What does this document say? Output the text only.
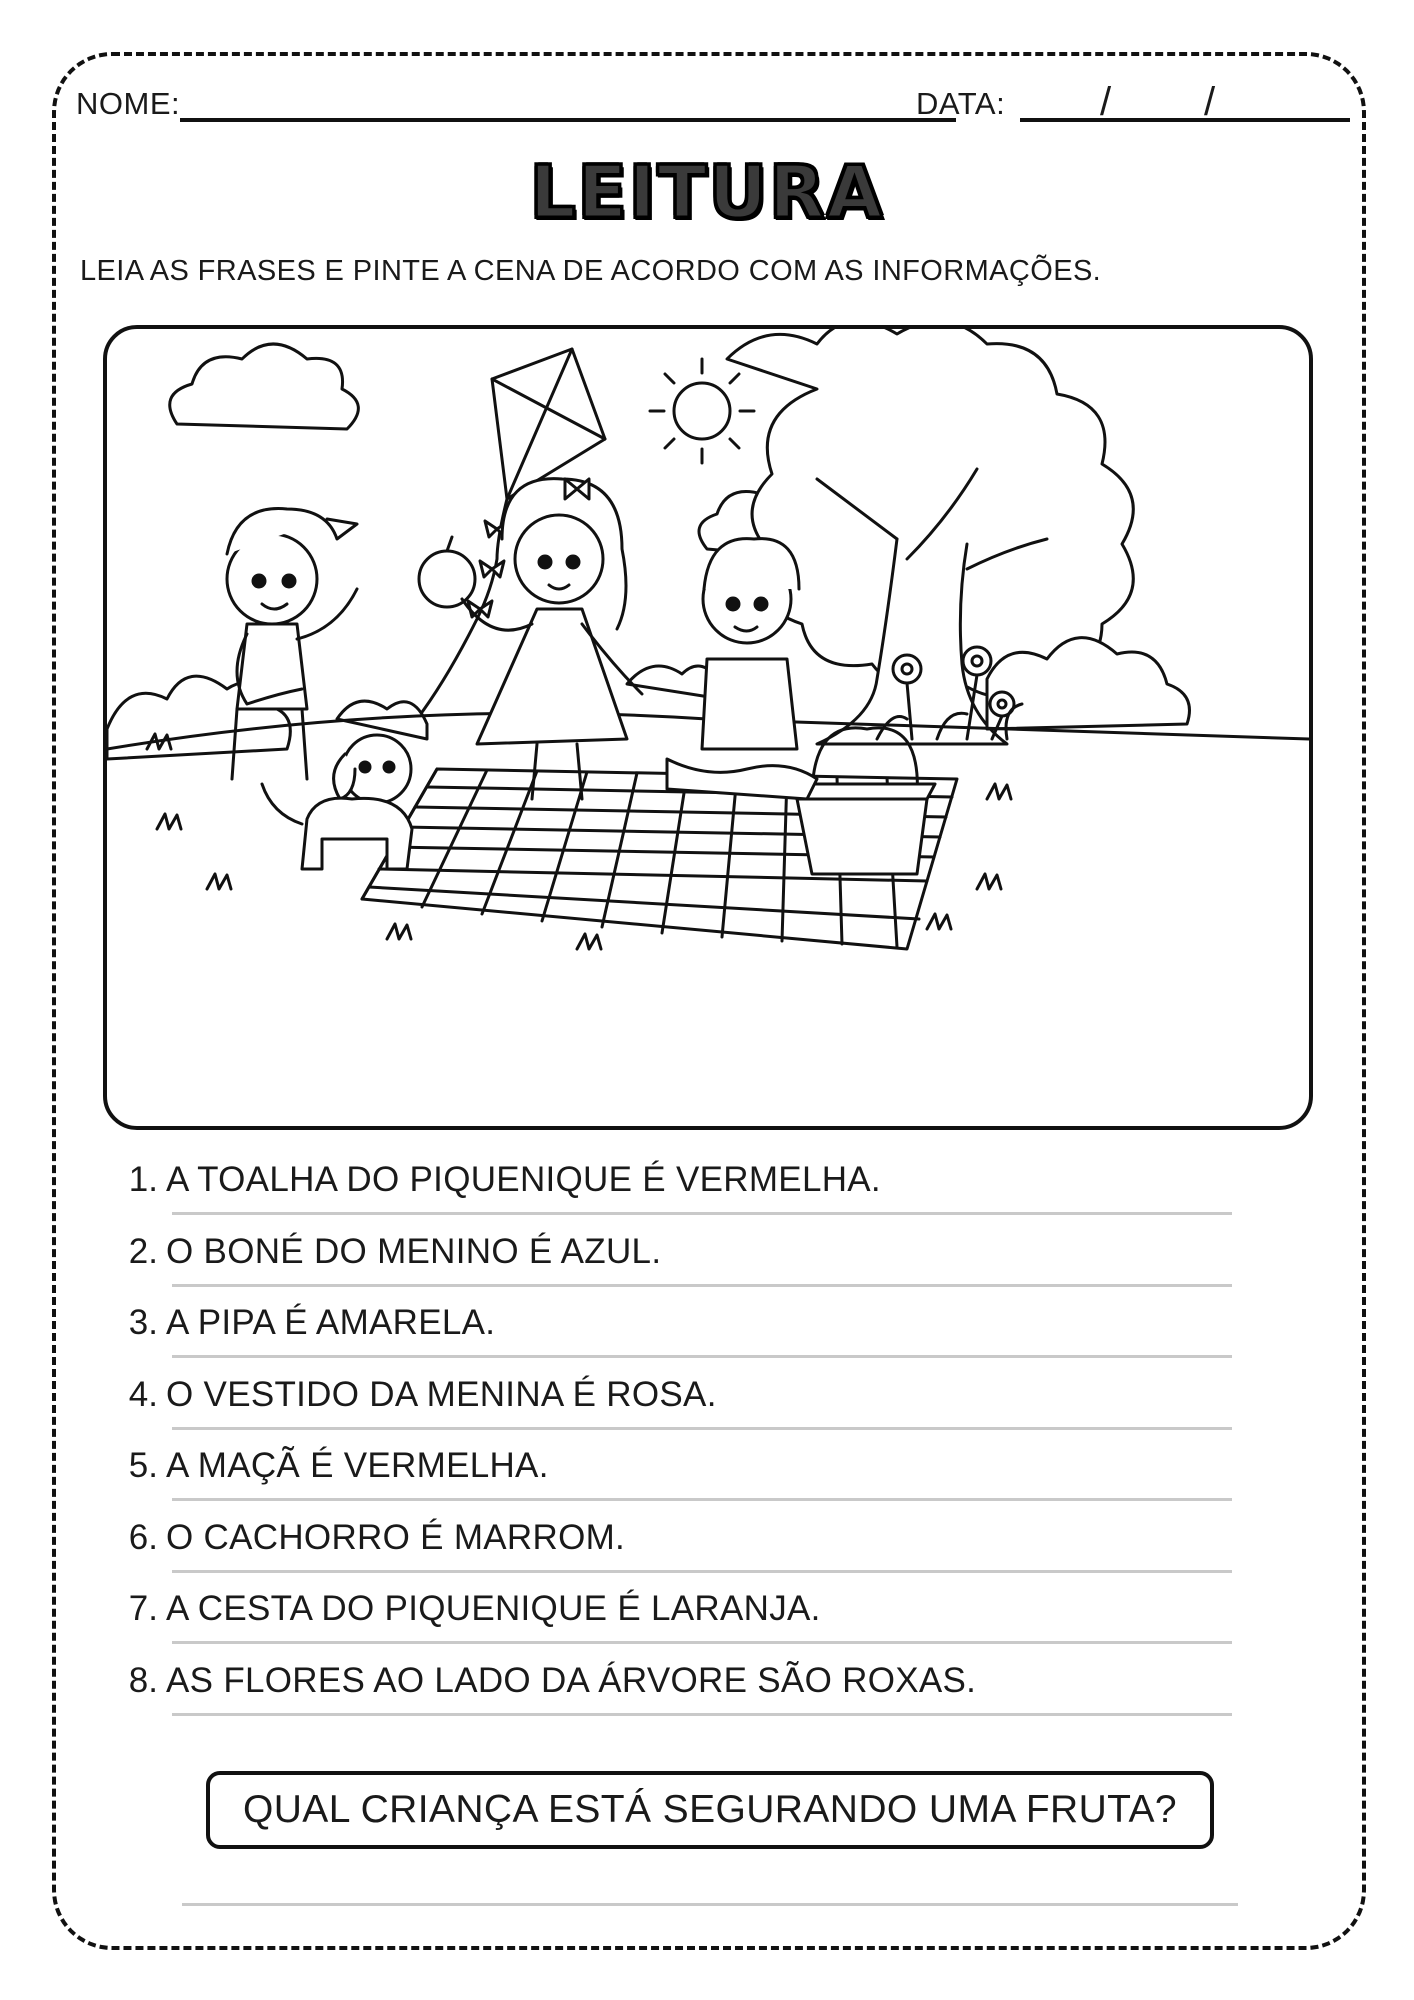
NOME:	DATA: / /
LEITURA
LEIA AS FRASES E PINTE A CENA DE ACORDO COM AS INFORMAÇÕES.
1. A TOALHA DO PIQUENIQUE É VERMELHA.
2. O BONÉ DO MENINO É AZUL.
3. A PIPA É AMARELA.
4. O VESTIDO DA MENINA É ROSA.
5. A MAÇÃ É VERMELHA.
6. O CACHORRO É MARROM.
7. A CESTA DO PIQUENIQUE É LARANJA.
8. AS FLORES AO LADO DA ÁRVORE SÃO ROXAS.
QUAL CRIANÇA ESTÁ SEGURANDO UMA FRUTA?
